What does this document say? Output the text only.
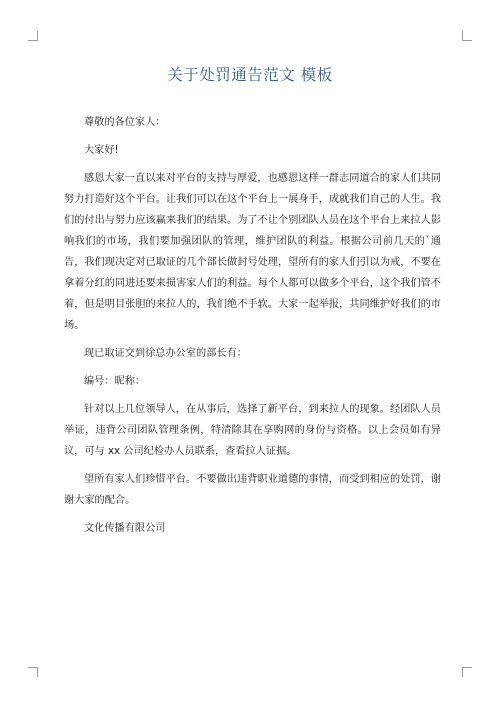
关于处罚通告范文 模板

尊敬的各位家人：

大家好!

感恩大家一直以来对平台的支持与厚爱，也感恩这样一群志同道合的家人们共同努力打造好这个平台。让我们可以在这个平台上一展身手，成就我们自己的人生。我们的付出与努力应该赢来我们的结果。为了不让个别团队人员在这个平台上来拉人影响我们的市场，我们要加强团队的管理，维护团队的利益。根据公司前几天的`通告，我们现决定对已取证的几个部长做封号处理，望所有的家人们引以为戒，不要在拿着分红的同进还要来损害家人们的利益。每个人都可以做多个平台，这个我们管不着，但是明目张胆的来拉人的，我们绝不手软。大家一起举报，共同维护好我们的市场。

现已取证交到徐总办公室的部长有：

编号：昵称：

针对以上几位领导人，在从事后，选择了新平台，到来拉人的现象。经团队人员举证，违背公司团队管理条例，特清除其在享购网的身份与资格。以上会员如有异议，可与 xx 公司纪检办人员联系，查看拉人证据。

望所有家人们珍惜平台。不要做出违背职业道德的事情，而受到相应的处罚，谢谢大家的配合。

文化传播有限公司
